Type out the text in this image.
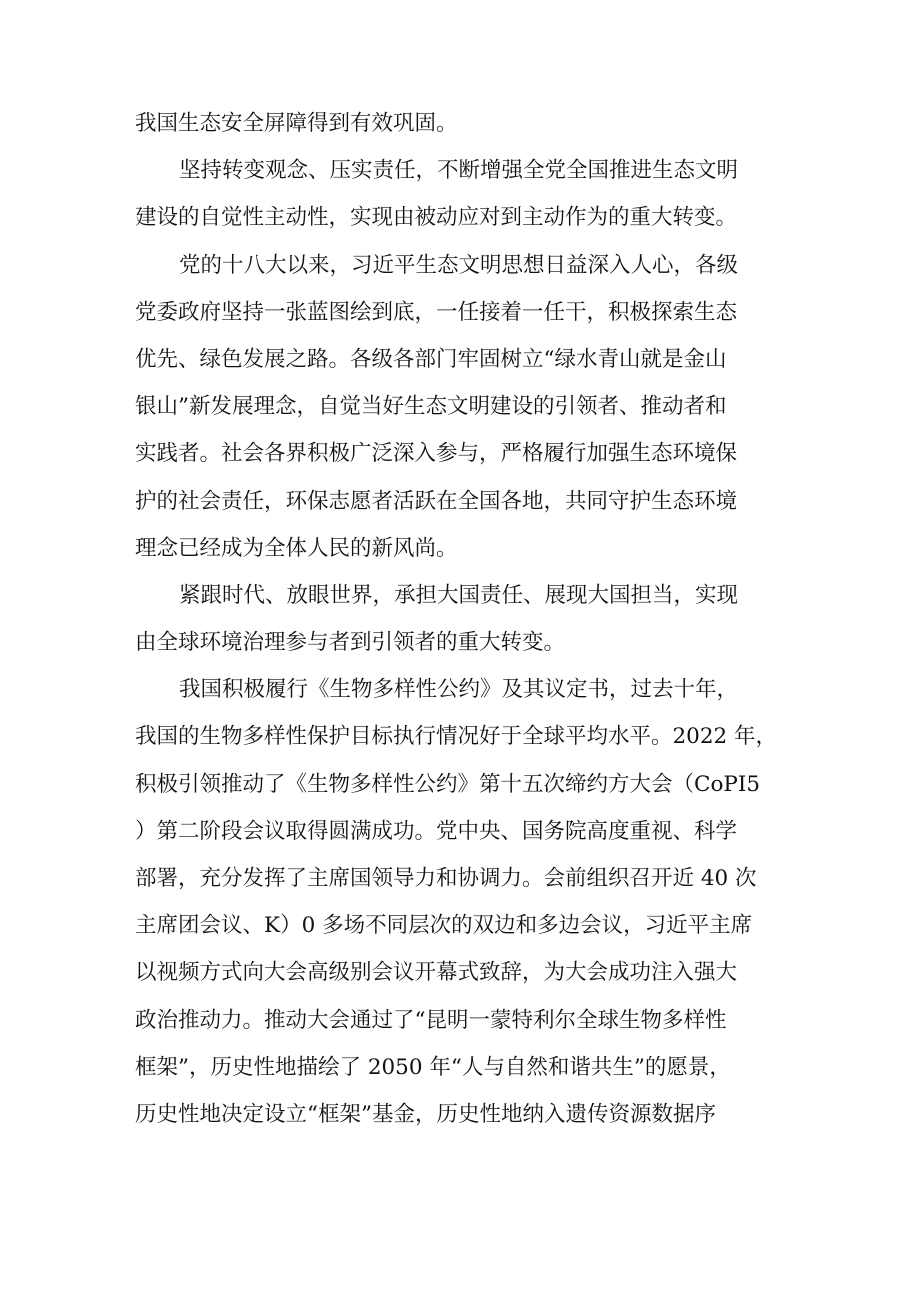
我国生态安全屏障得到有效巩固。
坚持转变观念、压实责任，不断增强全党全国推进生态文明
建设的自觉性主动性，实现由被动应对到主动作为的重大转变。
党的十八大以来，习近平生态文明思想日益深入人心，各级
党委政府坚持一张蓝图绘到底，一任接着一任干，积极探索生态
优先、绿色发展之路。各级各部门牢固树立“绿水青山就是金山
银山”新发展理念，自觉当好生态文明建设的引领者、推动者和
实践者。社会各界积极广泛深入参与，严格履行加强生态环境保
护的社会责任，环保志愿者活跃在全国各地，共同守护生态环境
理念已经成为全体人民的新风尚。
紧跟时代、放眼世界，承担大国责任、展现大国担当，实现
由全球环境治理参与者到引领者的重大转变。
我国积极履行《生物多样性公约》及其议定书，过去十年，
我国的生物多样性保护目标执行情况好于全球平均水平。2022 年，
积极引领推动了《生物多样性公约》第十五次缔约方大会（CoPI5
）第二阶段会议取得圆满成功。党中央、国务院高度重视、科学
部署，充分发挥了主席国领导力和协调力。会前组织召开近 40 次
主席团会议、K）0 多场不同层次的双边和多边会议，习近平主席
以视频方式向大会高级别会议开幕式致辞，为大会成功注入强大
政治推动力。推动大会通过了“昆明一蒙特利尔全球生物多样性
框架”，历史性地描绘了 2050 年“人与自然和谐共生”的愿景，
历史性地决定设立“框架”基金，历史性地纳入遗传资源数据序
